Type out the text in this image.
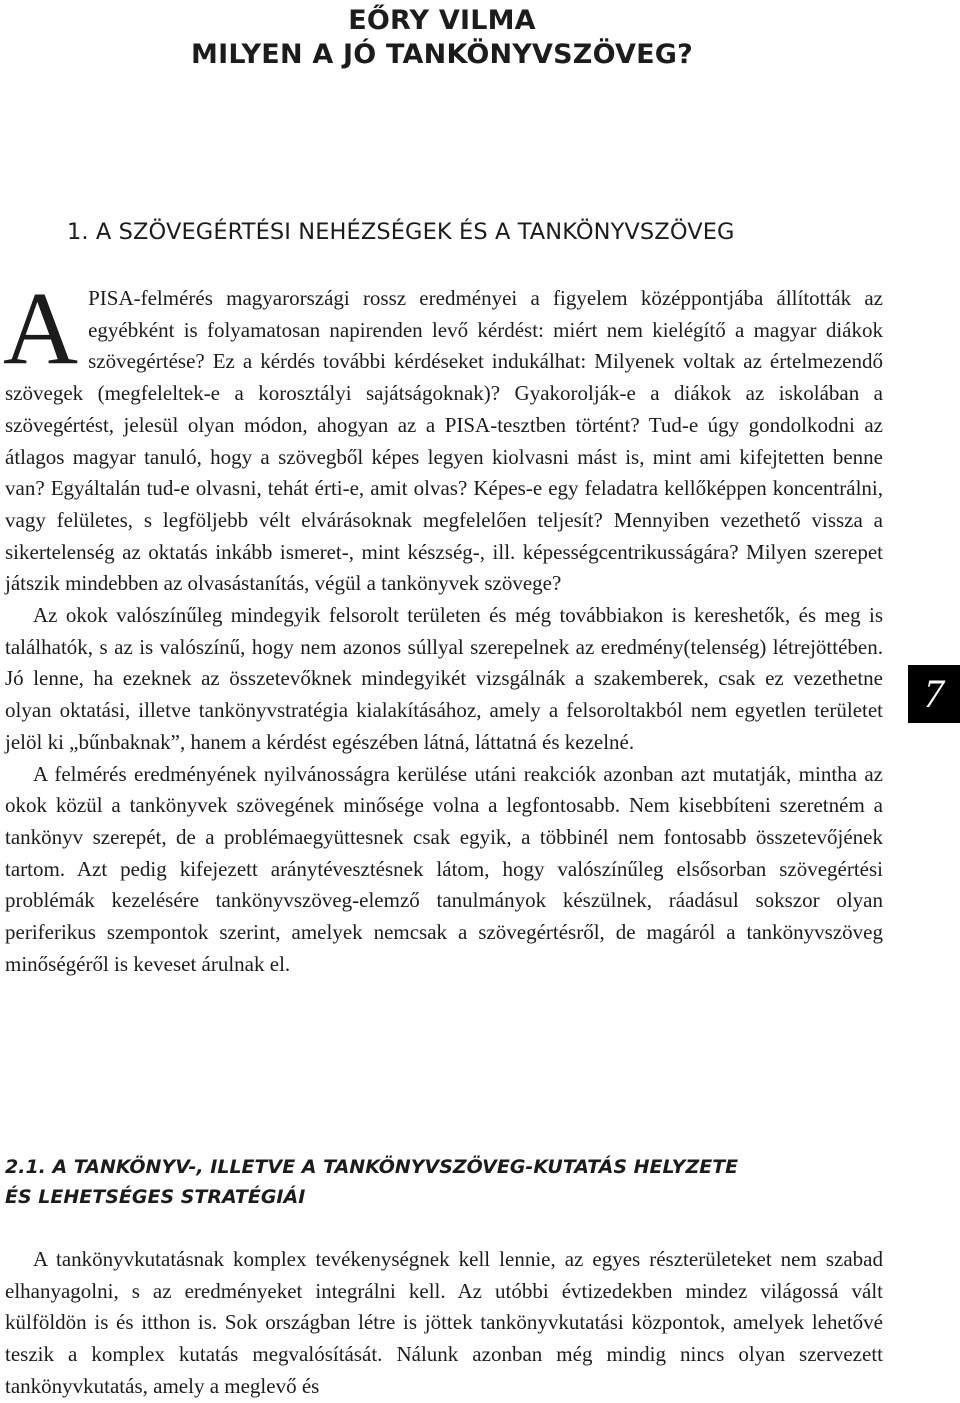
EŐRY VILMA
MILYEN A JÓ TANKÖNYVSZÖVEG?
1. A SZÖVEGÉRTÉSI NEHÉZSÉGEK ÉS A TANKÖNYVSZÖVEG

APISA-felmérés magyarországi rossz eredményei a figyelem középpontjába állították az egyébként is folyamatosan napirenden levő kérdést: miért nem kielégítő a magyar diákok szövegértése? Ez a kérdés további kérdéseket indukálhat: Milyenek voltak az értelmezendő szövegek (megfeleltek-e a korosztályi sajátságoknak)? Gyakorolják-e a diákok az iskolában a szövegértést, jelesül olyan módon, ahogyan az a PISA-tesztben történt? Tud-e úgy gondolkodni az átlagos magyar tanuló, hogy a szövegből képes legyen kiolvasni mást is, mint ami kifejtetten benne van? Egyáltalán tud-e olvasni, tehát érti-e, amit olvas? Képes-e egy feladatra kellőképpen koncentrálni, vagy felületes, s legföljebb vélt elvárásoknak megfelelően teljesít? Mennyiben vezethető vissza a sikertelenség az oktatás inkább ismeret-, mint készség-, ill. képességcentrikusságára? Milyen szerepet játszik mindebben az olvasástanítás, végül a tankönyvek szövege?

Az okok valószínűleg mindegyik felsorolt területen és még továbbiakon is kereshetők, és meg is találhatók, s az is valószínű, hogy nem azonos súllyal szerepelnek az eredmény(telenség) létrejöttében. Jó lenne, ha ezeknek az összetevőknek mindegyikét vizsgálnák a szakemberek, csak ez vezethetne olyan oktatási, illetve tankönyvstratégia kialakításához, amely a felsoroltakból nem egyetlen területet jelöl ki „bűnbaknak”, hanem a kérdést egészében látná, láttatná és kezelné.

A felmérés eredményének nyilvánosságra kerülése utáni reakciók azonban azt mutatják, mintha az okok közül a tankönyvek szövegének minősége volna a legfontosabb. Nem kisebbíteni szeretném a tankönyv szerepét, de a problémaegyüttesnek csak egyik, a többinél nem fontosabb összetevőjének tartom. Azt pedig kifejezett aránytévesztésnek látom, hogy valószínűleg elsősorban szövegértési problémák kezelésére tankönyvszöveg-elemző tanulmányok készülnek, ráadásul sokszor olyan periferikus szempontok szerint, amelyek nemcsak a szövegértésről, de magáról a tankönyvszöveg minőségéről is keveset árulnak el.

2.1. A TANKÖNYV-, ILLETVE A TANKÖNYVSZÖVEG-KUTATÁS HELYZETE
ÉS LEHETSÉGES STRATÉGIÁI

A tankönyvkutatásnak komplex tevékenységnek kell lennie, az egyes részterületeket nem szabad elhanyagolni, s az eredményeket integrálni kell. Az utóbbi évtizedekben mindez világossá vált külföldön is és itthon is. Sok országban létre is jöttek tankönyvkutatási központok, amelyek lehetővé teszik a komplex kutatás megvalósítását. Nálunk azonban még mindig nincs olyan szervezett tankönyvkutatás, amely a meglevő és

7
